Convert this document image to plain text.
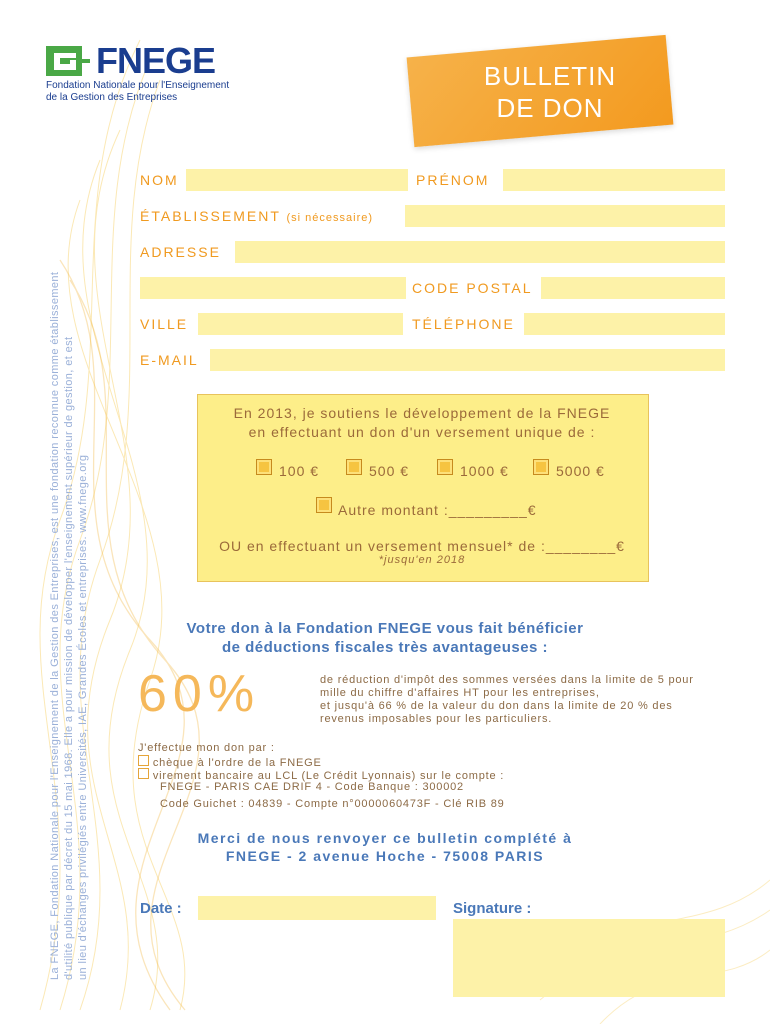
La FNEGE, Fondation Nationale pour l'Enseignement de la Gestion des Entreprises, est une fondation reconnue comme établissement d'utilité publique par décret du 15 mai 1968. Elle a pour mission de développer l'enseignement supérieur de gestion, et est un lieu d'échanges privilégiés entre Universités, IAE, Grandes Écoles et entreprises. www.fnege.org
FNEGE
Fondation Nationale pour l'Enseignement
de la Gestion des Entreprises
BULLETIN
DE DON
NOM	PRÉNOM
ÉTABLISSEMENT (si nécessaire)
ADRESSE
CODE POSTAL
VILLE	TÉLÉPHONE
E-MAIL
En 2013, je soutiens le développement de la FNEGE
en effectuant un don d'un versement unique de :
100 €	500 €	1000 €	5000 €
Autre montant :_________€
OU en effectuant un versement mensuel* de :________€
*jusqu'en 2018
Votre don à la Fondation FNEGE vous fait bénéficier
de déductions fiscales très avantageuses :
60%	de réduction d'impôt des sommes versées dans la limite de 5 pour
mille du chiffre d'affaires HT pour les entreprises,
et jusqu'à 66 % de la valeur du don dans la limite de 20 % des
revenus imposables pour les particuliers.
J'effectue mon don par :
chèque à l'ordre de la FNEGE
virement bancaire au LCL (Le Crédit Lyonnais) sur le compte :
FNEGE - PARIS CAE DRIF 4 - Code Banque : 300002
Code Guichet : 04839 - Compte n°0000060473F - Clé RIB 89
Merci de nous renvoyer ce bulletin complété à
FNEGE - 2 avenue Hoche - 75008 PARIS
Date :	Signature :
